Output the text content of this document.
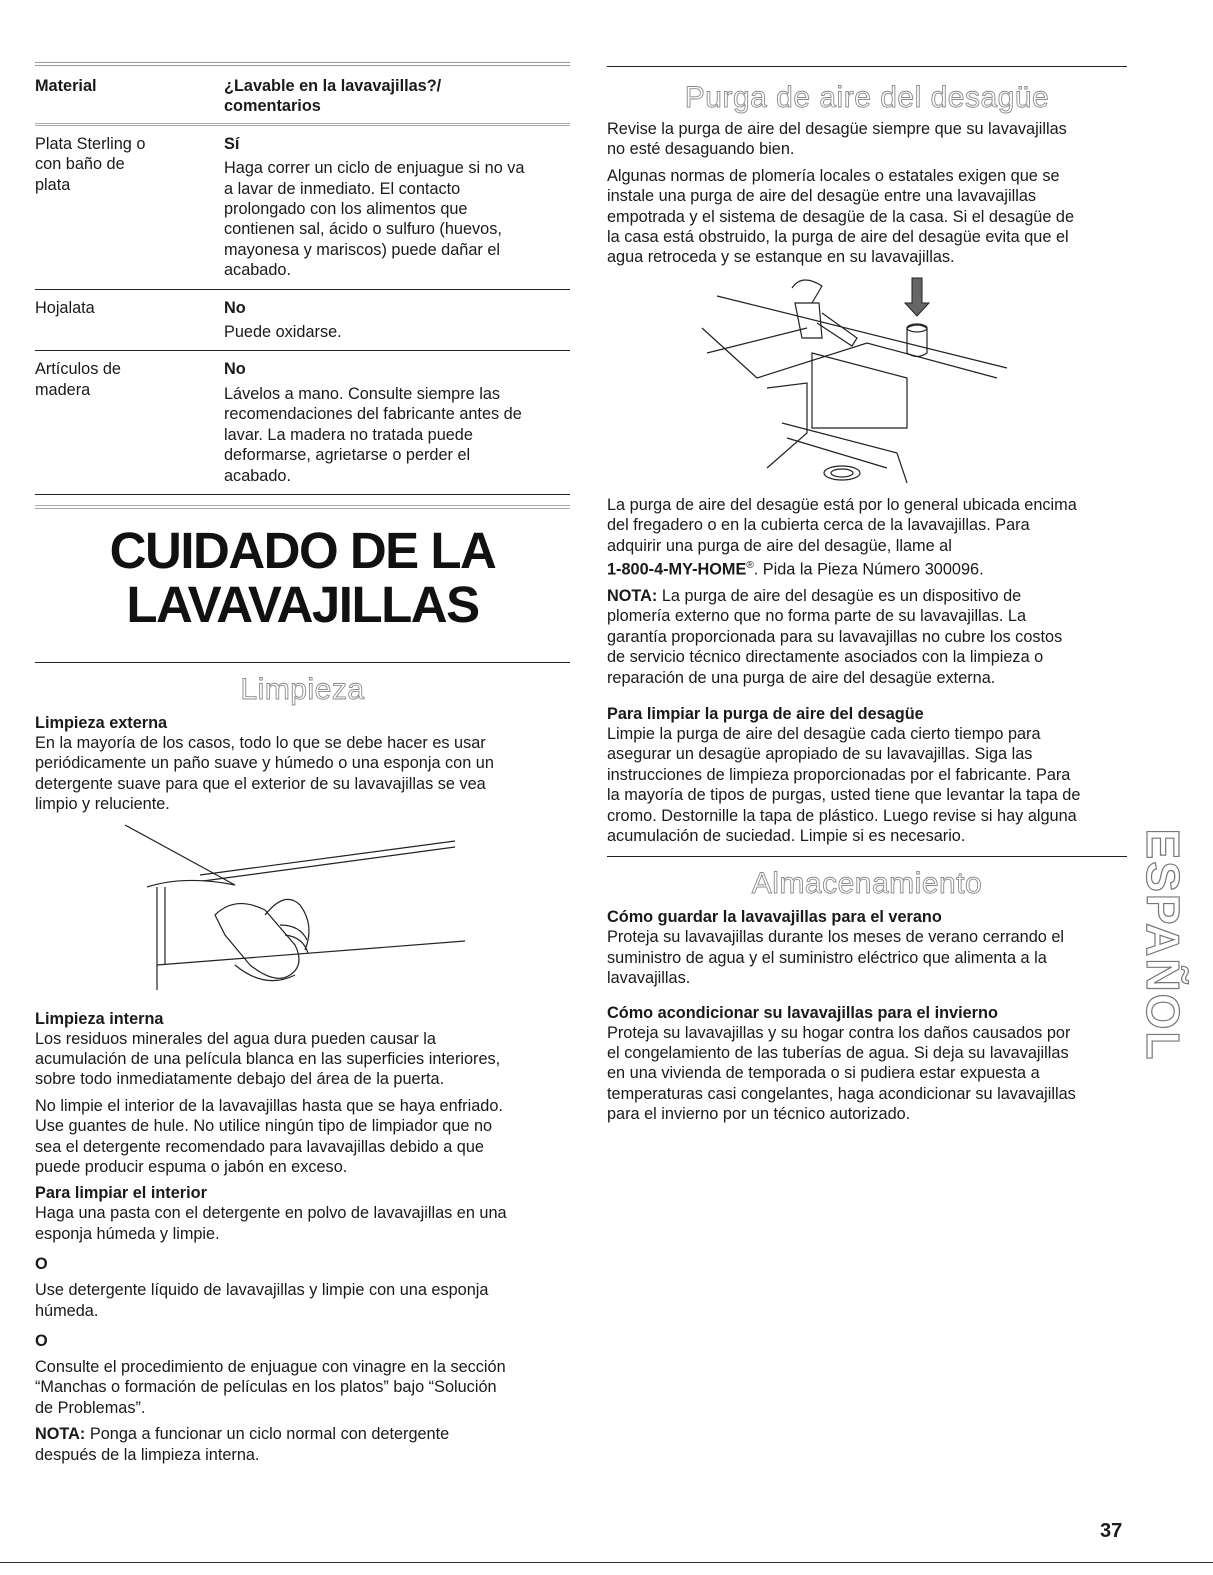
Material	¿Lavable en la lavavajillas?/
comentarios
Plata Sterling o
con baño de
plata
Sí
Haga correr un ciclo de enjuague si no va
a lavar de inmediato. El contacto
prolongado con los alimentos que
contienen sal, ácido o sulfuro (huevos,
mayonesa y mariscos) puede dañar el
acabado.
Hojalata	No
Puede oxidarse.
Artículos de
madera
No
Lávelos a mano. Consulte siempre las
recomendaciones del fabricante antes de
lavar. La madera no tratada puede
deformarse, agrietarse o perder el
acabado.
CUIDADO DE LA
LAVAVAJILLAS
Limpieza
Limpieza externa

En la mayoría de los casos, todo lo que se debe hacer es usar

periódicamente un paño suave y húmedo o una esponja con un

detergente suave para que el exterior de su lavavajillas se vea

limpio y reluciente.

Limpieza interna

Los residuos minerales del agua dura pueden causar la

acumulación de una película blanca en las superficies interiores,

sobre todo inmediatamente debajo del área de la puerta.

No limpie el interior de la lavavajillas hasta que se haya enfriado.

Use guantes de hule. No utilice ningún tipo de limpiador que no

sea el detergente recomendado para lavavajillas debido a que

puede producir espuma o jabón en exceso.

Para limpiar el interior

Haga una pasta con el detergente en polvo de lavavajillas en una

esponja húmeda y limpie.

O

Use detergente líquido de lavavajillas y limpie con una esponja

húmeda.

O

Consulte el procedimiento de enjuague con vinagre en la sección

“Manchas o formación de películas en los platos” bajo “Solución

de Problemas”.

NOTA: Ponga a funcionar un ciclo normal con detergente

después de la limpieza interna.

Purga de aire del desagüe

Revise la purga de aire del desagüe siempre que su lavavajillas

no esté desaguando bien.

Algunas normas de plomería locales o estatales exigen que se

instale una purga de aire del desagüe entre una lavavajillas

empotrada y el sistema de desagüe de la casa. Si el desagüe de

la casa está obstruido, la purga de aire del desagüe evita que el

agua retroceda y se estanque en su lavavajillas.

La purga de aire del desagüe está por lo general ubicada encima

del fregadero o en la cubierta cerca de la lavavajillas. Para

adquirir una purga de aire del desagüe, llame al

1-800-4-MY-HOME®. Pida la Pieza Número 300096.

NOTA: La purga de aire del desagüe es un dispositivo de

plomería externo que no forma parte de su lavavajillas. La

garantía proporcionada para su lavavajillas no cubre los costos

de servicio técnico directamente asociados con la limpieza o

reparación de una purga de aire del desagüe externa.

Para limpiar la purga de aire del desagüe

Limpie la purga de aire del desagüe cada cierto tiempo para

asegurar un desagüe apropiado de su lavavajillas. Siga las

instrucciones de limpieza proporcionadas por el fabricante. Para

la mayoría de tipos de purgas, usted tiene que levantar la tapa de

cromo. Destornille la tapa de plástico. Luego revise si hay alguna

acumulación de suciedad. Limpie si es necesario.

Almacenamiento
Cómo guardar la lavavajillas para el verano

Proteja su lavavajillas durante los meses de verano cerrando el

suministro de agua y el suministro eléctrico que alimenta a la

lavavajillas.

Cómo acondicionar su lavavajillas para el invierno

Proteja su lavavajillas y su hogar contra los daños causados por

el congelamiento de las tuberías de agua. Si deja su lavavajillas

en una vivienda de temporada o si pudiera estar expuesta a

temperaturas casi congelantes, haga acondicionar su lavavajillas

para el invierno por un técnico autorizado.

ESPAÑOL
37
